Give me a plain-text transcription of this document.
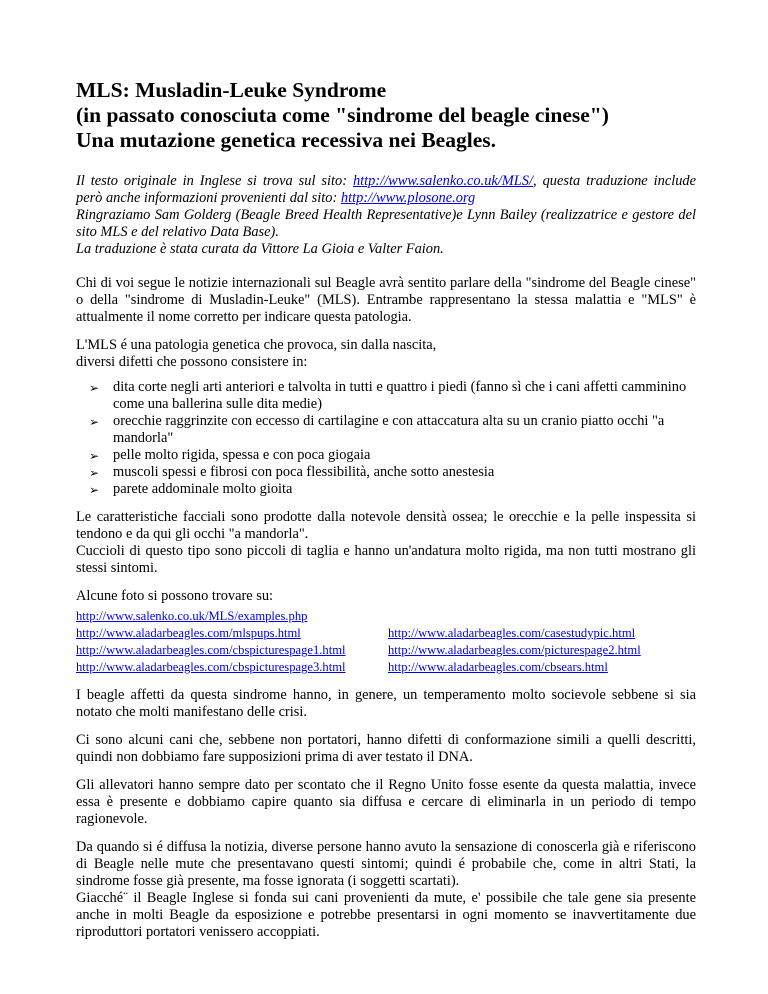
MLS: Musladin-Leuke Syndrome
(in passato conosciuta come "sindrome del beagle cinese")
Una mutazione genetica recessiva nei Beagles.

Il testo originale in Inglese si trova sul sito: http://www.salenko.co.uk/MLS/, questa traduzione include però anche informazioni provenienti dal sito: http://www.plosone.org

Ringraziamo Sam Golderg (Beagle Breed Health Representative)e Lynn Bailey (realizzatrice e gestore del sito MLS e del relativo Data Base).

La traduzione è stata curata da Vittore La Gioia e Valter Faion.

Chi di voi segue le notizie internazionali sul Beagle avrà sentito parlare della "sindrome del Beagle cinese" o della "sindrome di Musladin-Leuke" (MLS). Entrambe rappresentano la stessa malattia e "MLS" è attualmente il nome corretto per indicare questa patologia.

L'MLS é una patologia genetica che provoca, sin dalla nascita,
diversi difetti che possono consistere in:

➢ dita corte negli arti anteriori e talvolta in tutti e quattro i piedi (fanno sì che i cani affetti camminino come una ballerina sulle dita medie)
➢ orecchie raggrinzite con eccesso di cartilagine e con attaccatura alta su un cranio piatto occhi "a mandorla"
➢ pelle molto rigida, spessa e con poca giogaia
➢ muscoli spessi e fibrosi con poca flessibilità, anche sotto anestesia
➢ parete addominale molto gioita

Le caratteristiche facciali sono prodotte dalla notevole densità ossea; le orecchie e la pelle inspessita si tendono e da qui gli occhi "a mandorla".
Cuccioli di questo tipo sono piccoli di taglia e hanno un'andatura molto rigida, ma non tutti mostrano gli stessi sintomi.

Alcune foto si possono trovare su:

http://www.salenko.co.uk/MLS/examples.php
http://www.aladarbeagles.com/mlspups.html	http://www.aladarbeagles.com/casestudypic.html
http://www.aladarbeagles.com/cbspicturespage1.html	http://www.aladarbeagles.com/picturespage2.html
http://www.aladarbeagles.com/cbspicturespage3.html	http://www.aladarbeagles.com/cbsears.html

I beagle affetti da questa sindrome hanno, in genere, un temperamento molto socievole sebbene si sia notato che molti manifestano delle crisi.

Ci sono alcuni cani che, sebbene non portatori, hanno difetti di conformazione simili a quelli descritti, quindi non dobbiamo fare supposizioni prima di aver testato il DNA.

Gli allevatori hanno sempre dato per scontato che il Regno Unito fosse esente da questa malattia, invece essa è presente e dobbiamo capire quanto sia diffusa e cercare di eliminarla in un periodo di tempo ragionevole.

Da quando si é diffusa la notizia, diverse persone hanno avuto la sensazione di conoscerla già e riferiscono di Beagle nelle mute che presentavano questi sintomi; quindi é probabile che, come in altri Stati, la sindrome fosse già presente, ma fosse ignorata (i soggetti scartati).
Giacché¨ il Beagle Inglese si fonda sui cani provenienti da mute, e' possibile che tale gene sia presente anche in molti Beagle da esposizione e potrebbe presentarsi in ogni momento se inavvertitamente due riproduttori portatori venissero accoppiati.
